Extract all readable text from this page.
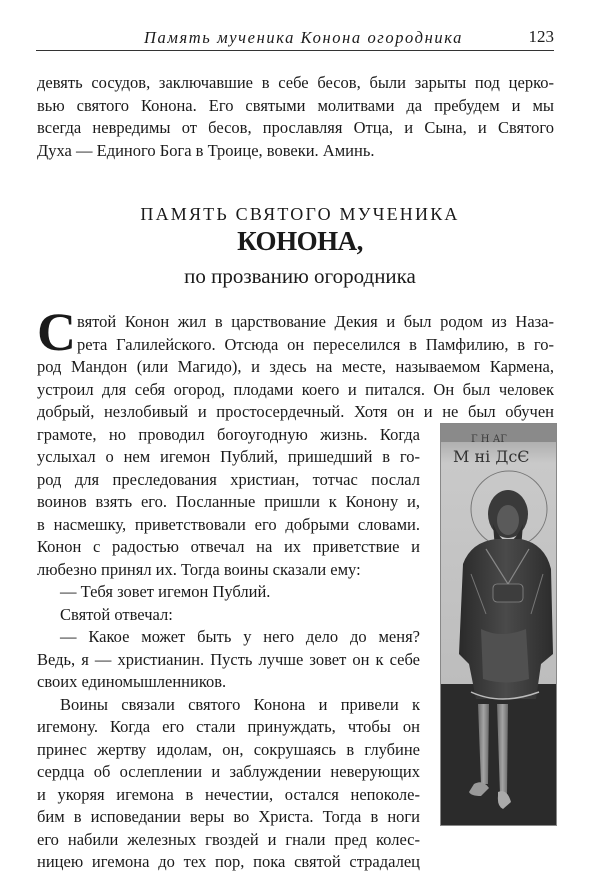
Память мученика Конона огородника	123
девять сосудов, заключавшие в себе бесов, были зарыты под церко-
вью святого Конона. Его святыми молитвами да пребудем и мы
всегда невредимы от бесов, прославляя Отца, и Сына, и Святого
Духа — Единого Бога в Троице, вовеки. Аминь.
ПАМЯТЬ СВЯТОГО МУЧЕНИКА
КОНОНА,
по прозванию огородника
С вятой Конон жил в царствование Декия и был родом из Наза-
рета Галилейского. Отсюда он переселился в Памфилию, в го-
род Мандон (или Магидо), и здесь на месте, называемом Кармена,
устроил для себя огород, плодами коего и питался. Он был человек
добрый, незлобивый и простосердечный. Хотя он и не был обучен
грамоте, но проводил богоугодную жизнь. Когда
услыхал о нем игемон Публий, пришедший в го-
род для преследования христиан, тотчас послал
воинов взять его. Посланные пришли к Конону и,
в насмешку, приветствовали его добрыми словами.
Конон с радостью отвечал на их приветствие и
любезно принял их. Тогда воины сказали ему:
— Тебя зовет игемон Публий.
Святой отвечал:
— Какое может быть у него дело до меня?
Ведь, я — христианин. Пусть лучше зовет он к себе
своих единомышленников.
Воины связали святого Конона и привели к
игемону. Когда его стали принуждать, чтобы он
принес жертву идолам, он, сокрушаясь в глубине
сердца об ослеплении и заблуждении неверующих
и укоряя игемона в нечестии, остался непоколе-
бим в исповедании веры во Христа. Тогда в ноги
его набили железных гвоздей и гнали пред колес-
ницею игемона до тех пор, пока святой страдалец
Г Н АГ
М ні ДсЄ
